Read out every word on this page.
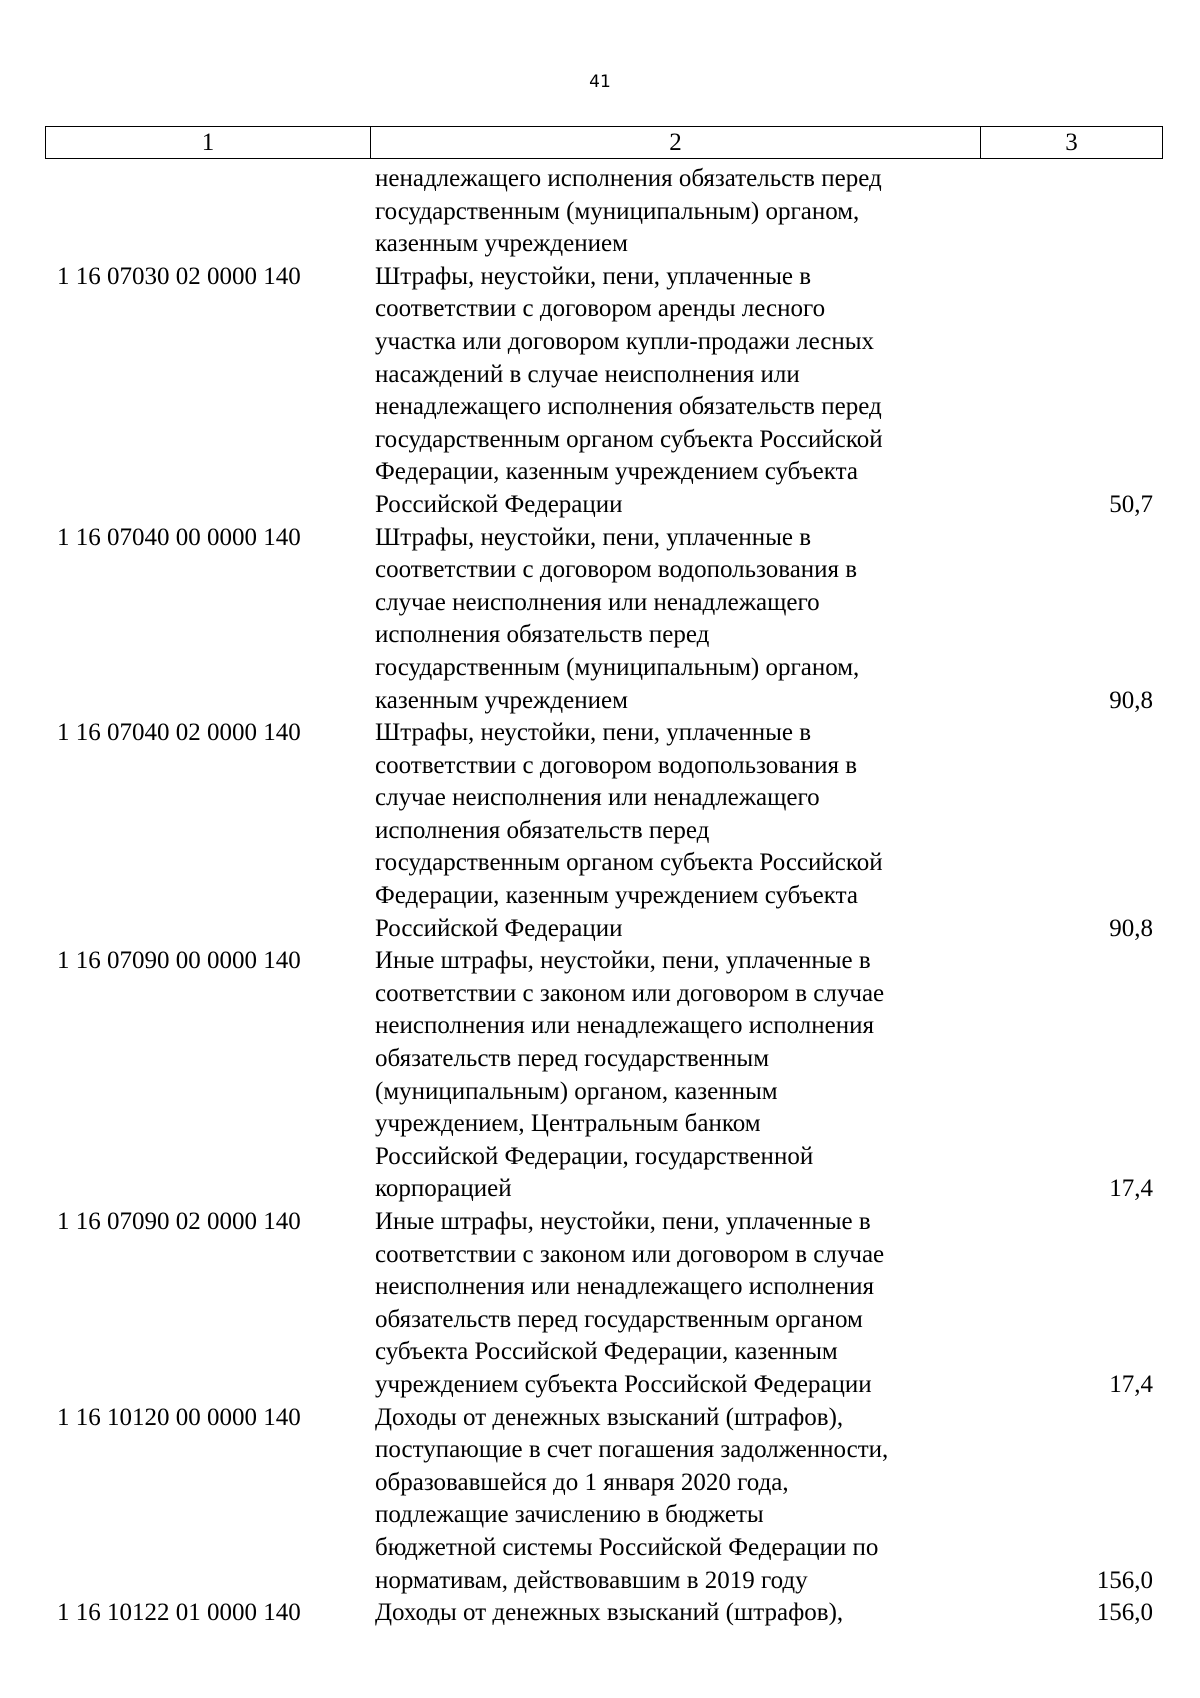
41
1	2	3
ненадлежащего исполнения обязательств перед
государственным (муниципальным) органом,
казенным учреждением
1 16 07030 02 0000 140	Штрафы, неустойки, пени, уплаченные в
соответствии с договором аренды лесного
участка или договором купли-продажи лесных
насаждений в случае неисполнения или
ненадлежащего исполнения обязательств перед
государственным органом субъекта Российской
Федерации, казенным учреждением субъекта
Российской Федерации	50,7
1 16 07040 00 0000 140	Штрафы, неустойки, пени, уплаченные в
соответствии с договором водопользования в
случае неисполнения или ненадлежащего
исполнения обязательств перед
государственным (муниципальным) органом,
казенным учреждением	90,8
1 16 07040 02 0000 140	Штрафы, неустойки, пени, уплаченные в
соответствии с договором водопользования в
случае неисполнения или ненадлежащего
исполнения обязательств перед
государственным органом субъекта Российской
Федерации, казенным учреждением субъекта
Российской Федерации	90,8
1 16 07090 00 0000 140	Иные штрафы, неустойки, пени, уплаченные в
соответствии с законом или договором в случае
неисполнения или ненадлежащего исполнения
обязательств перед государственным
(муниципальным) органом, казенным
учреждением, Центральным банком
Российской Федерации, государственной
корпорацией	17,4
1 16 07090 02 0000 140	Иные штрафы, неустойки, пени, уплаченные в
соответствии с законом или договором в случае
неисполнения или ненадлежащего исполнения
обязательств перед государственным органом
субъекта Российской Федерации, казенным
учреждением субъекта Российской Федерации	17,4
1 16 10120 00 0000 140	Доходы от денежных взысканий (штрафов),
поступающие в счет погашения задолженности,
образовавшейся до 1 января 2020 года,
подлежащие зачислению в бюджеты
бюджетной системы Российской Федерации по
нормативам, действовавшим в 2019 году	156,0
1 16 10122 01 0000 140	Доходы от денежных взысканий (штрафов),	156,0
